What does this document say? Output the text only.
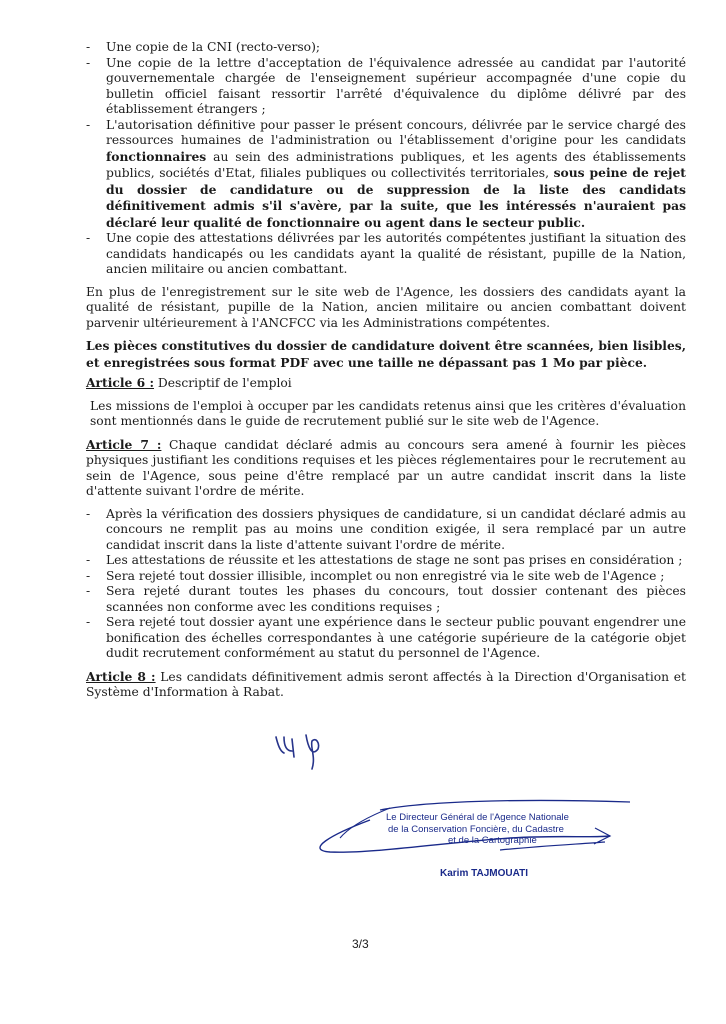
- Une copie de la CNI (recto-verso);
- Une copie de la lettre d'acceptation de l'équivalence adressée au candidat par l'autorité gouvernementale chargée de l'enseignement supérieur accompagnée d'une copie du bulletin officiel faisant ressortir l'arrêté d'équivalence du diplôme délivré par des établissement étrangers ;
- L'autorisation définitive pour passer le présent concours, délivrée par le service chargé des ressources humaines de l'administration ou l'établissement d'origine pour les candidats fonctionnaires au sein des administrations publiques, et les agents des établissements publics, sociétés d'Etat, filiales publiques ou collectivités territoriales, sous peine de rejet du dossier de candidature ou de suppression de la liste des candidats définitivement admis s'il s'avère, par la suite, que les intéressés n'auraient pas déclaré leur qualité de fonctionnaire ou agent dans le secteur public.
- Une copie des attestations délivrées par les autorités compétentes justifiant la situation des candidats handicapés ou les candidats ayant la qualité de résistant, pupille de la Nation, ancien militaire ou ancien combattant.

En plus de l'enregistrement sur le site web de l'Agence, les dossiers des candidats ayant la qualité de résistant, pupille de la Nation, ancien militaire ou ancien combattant doivent parvenir ultérieurement à l'ANCFCC via les Administrations compétentes.

Les pièces constitutives du dossier de candidature doivent être scannées, bien lisibles, et enregistrées sous format PDF avec une taille ne dépassant pas 1 Mo par pièce.

Article 6 : Descriptif de l'emploi

Les missions de l'emploi à occuper par les candidats retenus ainsi que les critères d'évaluation sont mentionnés dans le guide de recrutement publié sur le site web de l'Agence.

Article 7 : Chaque candidat déclaré admis au concours sera amené à fournir les pièces physiques justifiant les conditions requises et les pièces réglementaires pour le recrutement au sein de l'Agence, sous peine d'être remplacé par un autre candidat inscrit dans la liste d'attente suivant l'ordre de mérite.

- Après la vérification des dossiers physiques de candidature, si un candidat déclaré admis au concours ne remplit pas au moins une condition exigée, il sera remplacé par un autre candidat inscrit dans la liste d'attente suivant l'ordre de mérite.
- Les attestations de réussite et les attestations de stage ne sont pas prises en considération ;
- Sera rejeté tout dossier illisible, incomplet ou non enregistré via le site web de l'Agence ;
- Sera rejeté durant toutes les phases du concours, tout dossier contenant des pièces scannées non conforme avec les conditions requises ;
- Sera rejeté tout dossier ayant une expérience dans le secteur public pouvant engendrer une bonification des échelles correspondantes à une catégorie supérieure de la catégorie objet dudit recrutement conformément au statut du personnel de l'Agence.

Article 8 : Les candidats définitivement admis seront affectés à la Direction d'Organisation et Système d'Information à Rabat.

Le Directeur Général de l'Agence Nationale
de la Conservation Foncière, du Cadastre
et de la Cartographie
Karim TAJMOUATI
3/3
